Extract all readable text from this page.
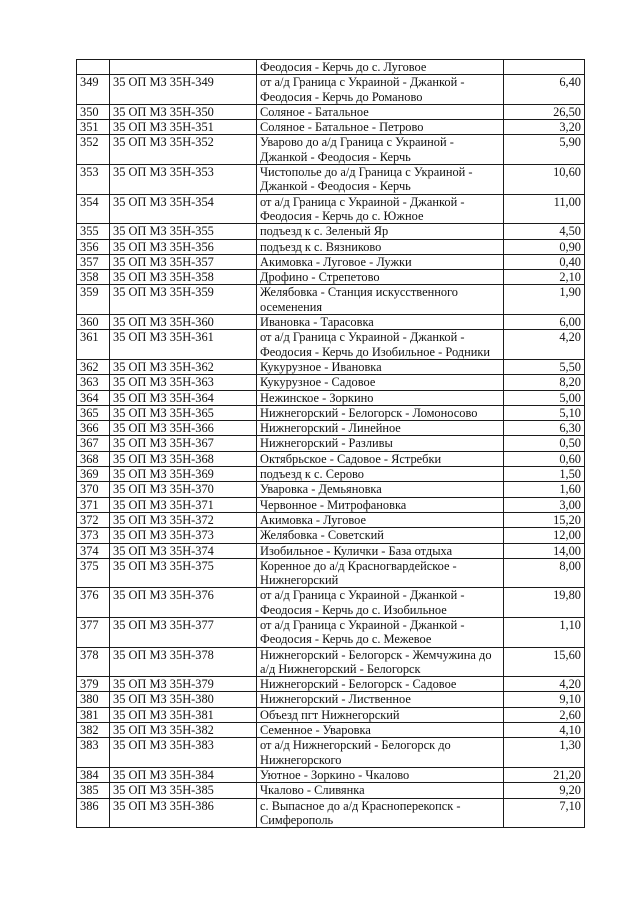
		Феодосия - Керчь до с. Луговое	
349	35 ОП МЗ 35Н-349	от а/д Граница с Украиной - Джанкой - Феодосия - Керчь до Романово	6,40
350	35 ОП МЗ 35Н-350	Соляное - Батальное	26,50
351	35 ОП МЗ 35Н-351	Соляное - Батальное - Петрово	3,20
352	35 ОП МЗ 35Н-352	Уварово до а/д Граница с Украиной - Джанкой - Феодосия - Керчь	5,90
353	35 ОП МЗ 35Н-353	Чистополье до а/д Граница с Украиной - Джанкой - Феодосия - Керчь	10,60
354	35 ОП МЗ 35Н-354	от а/д Граница с Украиной - Джанкой - Феодосия - Керчь до с. Южное	11,00
355	35 ОП МЗ 35Н-355	подъезд к с. Зеленый Яр	4,50
356	35 ОП МЗ 35Н-356	подъезд к с. Вязниково	0,90
357	35 ОП МЗ 35Н-357	Акимовка - Луговое - Лужки	0,40
358	35 ОП МЗ 35Н-358	Дрофино - Стрепетово	2,10
359	35 ОП МЗ 35Н-359	Желябовка - Станция искусственного осеменения	1,90
360	35 ОП МЗ 35Н-360	Ивановка - Тарасовка	6,00
361	35 ОП МЗ 35Н-361	от а/д Граница с Украиной - Джанкой - Феодосия - Керчь до Изобильное - Родники	4,20
362	35 ОП МЗ 35Н-362	Кукурузное - Ивановка	5,50
363	35 ОП МЗ 35Н-363	Кукурузное - Садовое	8,20
364	35 ОП МЗ 35Н-364	Нежинское - Зоркино	5,00
365	35 ОП МЗ 35Н-365	Нижнегорский - Белогорск - Ломоносово	5,10
366	35 ОП МЗ 35Н-366	Нижнегорский - Линейное	6,30
367	35 ОП МЗ 35Н-367	Нижнегорский - Разливы	0,50
368	35 ОП МЗ 35Н-368	Октябрьское - Садовое - Ястребки	0,60
369	35 ОП МЗ 35Н-369	подъезд к с. Серово	1,50
370	35 ОП МЗ 35Н-370	Уваровка - Демьяновка	1,60
371	35 ОП МЗ 35Н-371	Червонное - Митрофановка	3,00
372	35 ОП МЗ 35Н-372	Акимовка - Луговое	15,20
373	35 ОП МЗ 35Н-373	Желябовка - Советский	12,00
374	35 ОП МЗ 35Н-374	Изобильное - Кулички - База отдыха	14,00
375	35 ОП МЗ 35Н-375	Коренное до а/д Красногвардейское - Нижнегорский	8,00
376	35 ОП МЗ 35Н-376	от а/д Граница с Украиной - Джанкой - Феодосия - Керчь до с. Изобильное	19,80
377	35 ОП МЗ 35Н-377	от а/д Граница с Украиной - Джанкой - Феодосия - Керчь до с. Межевое	1,10
378	35 ОП МЗ 35Н-378	Нижнегорский - Белогорск - Жемчужина до а/д Нижнегорский - Белогорск	15,60
379	35 ОП МЗ 35Н-379	Нижнегорский - Белогорск - Садовое	4,20
380	35 ОП МЗ 35Н-380	Нижнегорский - Лиственное	9,10
381	35 ОП МЗ 35Н-381	Объезд пгт Нижнегорский	2,60
382	35 ОП МЗ 35Н-382	Семенное - Уваровка	4,10
383	35 ОП МЗ 35Н-383	от а/д Нижнегорский - Белогорск до Нижнегорского	1,30
384	35 ОП МЗ 35Н-384	Уютное - Зоркино - Чкалово	21,20
385	35 ОП МЗ 35Н-385	Чкалово - Сливянка	9,20
386	35 ОП МЗ 35Н-386	с. Выпасное до а/д Красноперекопск - Симферополь	7,10
